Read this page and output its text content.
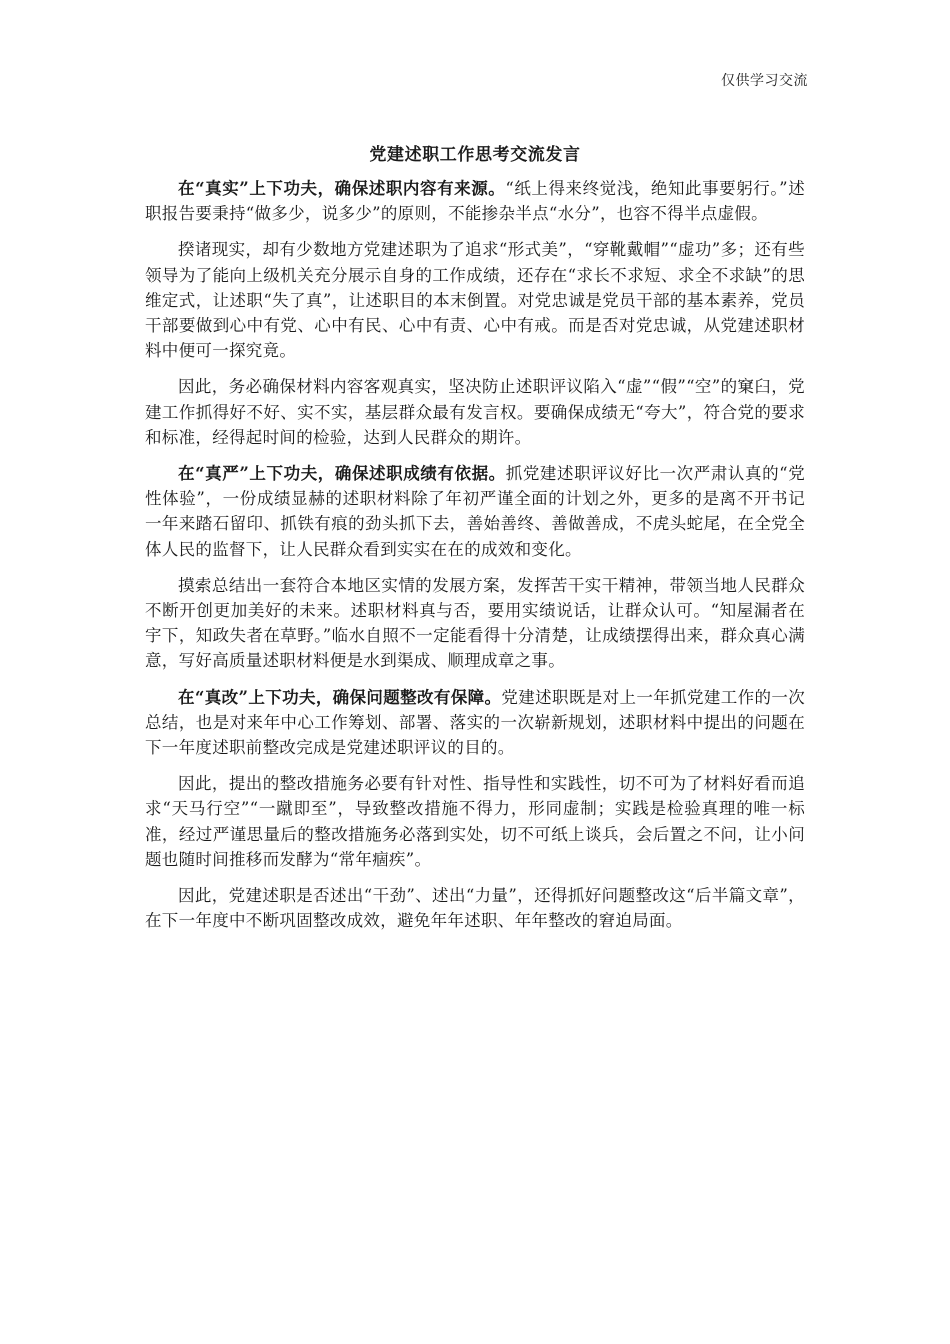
仅供学习交流
党建述职工作思考交流发言

在“真实”上下功夫，确保述职内容有来源。“纸上得来终觉浅，绝知此事要躬行。”述职报告要秉持“做多少，说多少”的原则，不能掺杂半点“水分”，也容不得半点虚假。

揆诸现实，却有少数地方党建述职为了追求“形式美”，“穿靴戴帽”“虚功”多；还有些领导为了能向上级机关充分展示自身的工作成绩，还存在“求长不求短、求全不求缺”的思维定式，让述职“失了真”，让述职目的本末倒置。对党忠诚是党员干部的基本素养，党员干部要做到心中有党、心中有民、心中有责、心中有戒。而是否对党忠诚，从党建述职材料中便可一探究竟。

因此，务必确保材料内容客观真实，坚决防止述职评议陷入“虚”“假”“空”的窠臼，党建工作抓得好不好、实不实，基层群众最有发言权。要确保成绩无“夸大”，符合党的要求和标准，经得起时间的检验，达到人民群众的期许。

在“真严”上下功夫，确保述职成绩有依据。抓党建述职评议好比一次严肃认真的“党性体验”，一份成绩显赫的述职材料除了年初严谨全面的计划之外，更多的是离不开书记一年来踏石留印、抓铁有痕的劲头抓下去，善始善终、善做善成，不虎头蛇尾，在全党全体人民的监督下，让人民群众看到实实在在的成效和变化。

摸索总结出一套符合本地区实情的发展方案，发挥苦干实干精神，带领当地人民群众不断开创更加美好的未来。述职材料真与否，要用实绩说话，让群众认可。“知屋漏者在宇下，知政失者在草野。”临水自照不一定能看得十分清楚，让成绩摆得出来，群众真心满意，写好高质量述职材料便是水到渠成、顺理成章之事。

在“真改”上下功夫，确保问题整改有保障。党建述职既是对上一年抓党建工作的一次总结，也是对来年中心工作筹划、部署、落实的一次崭新规划，述职材料中提出的问题在下一年度述职前整改完成是党建述职评议的目的。

因此，提出的整改措施务必要有针对性、指导性和实践性，切不可为了材料好看而追求“天马行空”“一蹴即至”，导致整改措施不得力，形同虚制；实践是检验真理的唯一标准，经过严谨思量后的整改措施务必落到实处，切不可纸上谈兵，会后置之不问，让小问题也随时间推移而发酵为“常年痼疾”。

因此，党建述职是否述出“干劲”、述出“力量”，还得抓好问题整改这“后半篇文章”，在下一年度中不断巩固整改成效，避免年年述职、年年整改的窘迫局面。
